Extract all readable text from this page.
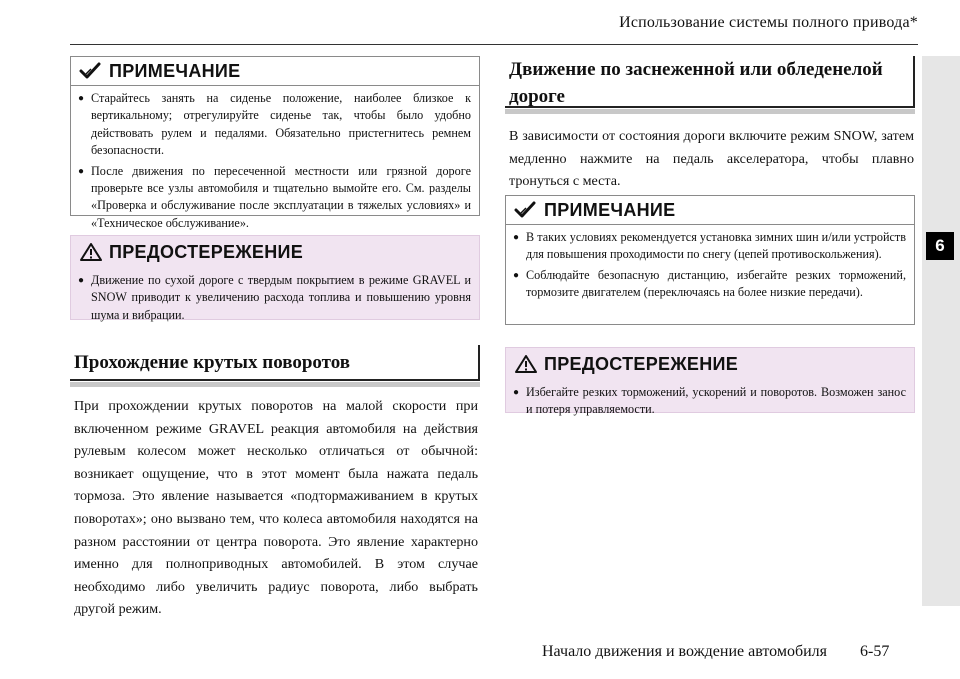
Использование системы полного привода*
6
ПРИМЕЧАНИЕ
● Старайтесь занять на сиденье положение, наиболее близкое к вертикальному; отрегулируйте сиденье так, чтобы было удобно действовать рулем и педалями. Обязательно пристегнитесь ремнем безопасности.
● После движения по пересеченной местности или грязной дороге проверьте все узлы автомобиля и тщательно вымойте его. См. разделы «Проверка и обслуживание после эксплуатации в тяжелых условиях» и «Техническое обслуживание».
ПРЕДОСТЕРЕЖЕНИЕ
● Движение по сухой дороге с твердым покрытием в режиме GRAVEL и SNOW приводит к увеличению расхода топлива и повышению уровня шума и вибрации.
Прохождение крутых поворотов
При прохождении крутых поворотов на малой скорости при включенном режиме GRAVEL реакция автомобиля на действия рулевым колесом может несколько отличаться от обычной: возникает ощущение, что в этот момент была нажата педаль тормоза. Это явление называется «подтормаживанием в крутых поворотах»; оно вызвано тем, что колеса автомобиля находятся на разном расстоянии от центра поворота. Это явление характерно именно для полноприводных автомобилей. В этом случае необходимо либо увеличить радиус поворота, либо выбрать другой режим.
Движение по заснеженной или обледенелой дороге
В зависимости от состояния дороги включите режим SNOW, затем медленно нажмите на педаль акселератора, чтобы плавно тронуться с места.
ПРИМЕЧАНИЕ
● В таких условиях рекомендуется установка зимних шин и/или устройств для повышения проходимости по снегу (цепей противоскольжения).
● Соблюдайте безопасную дистанцию, избегайте резких торможений, тормозите двигателем (переключаясь на более низкие передачи).
ПРЕДОСТЕРЕЖЕНИЕ
● Избегайте резких торможений, ускорений и поворотов. Возможен занос и потеря управляемости.
Начало движения и вождение автомобиля 6-57
